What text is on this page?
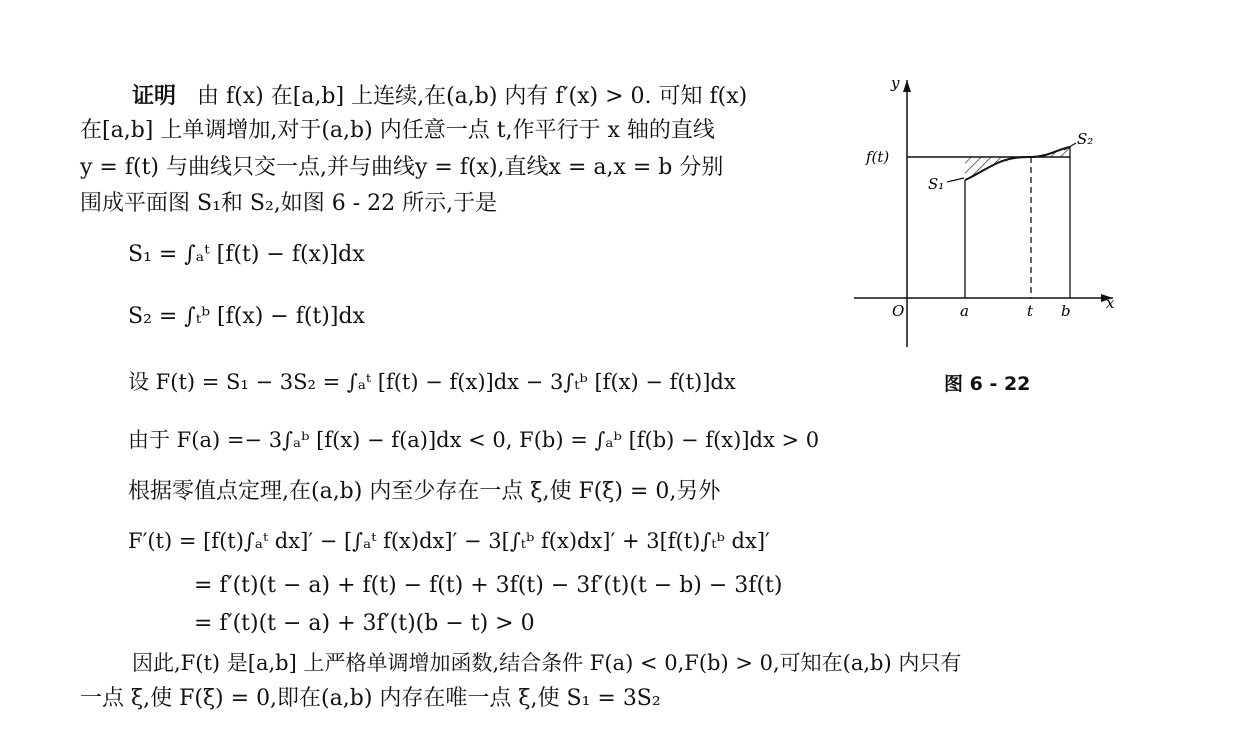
证明 由 f(x) 在[a,b] 上连续,在(a,b) 内有 f′(x) > 0. 可知 f(x)
在[a,b] 上单调增加,对于(a,b) 内任意一点 t,作平行于 x 轴的直线
y = f(t) 与曲线只交一点,并与曲线y = f(x),直线x = a,x = b 分别
围成平面图 S₁和 S₂,如图 6 - 22 所示,于是
S₁ = ∫ₐᵗ [f(t) − f(x)]dx
S₂ = ∫ₜᵇ [f(x) − f(t)]dx
设 F(t) = S₁ − 3S₂ = ∫ₐᵗ [f(t) − f(x)]dx − 3∫ₜᵇ [f(x) − f(t)]dx
由于 F(a) =− 3∫ₐᵇ [f(x) − f(a)]dx < 0, F(b) = ∫ₐᵇ [f(b) − f(x)]dx > 0
根据零值点定理,在(a,b) 内至少存在一点 ξ,使 F(ξ) = 0,另外
F′(t) = [f(t)∫ₐᵗ dx]′ − [∫ₐᵗ f(x)dx]′ − 3[∫ₜᵇ f(x)dx]′ + 3[f(t)∫ₜᵇ dx]′
= f′(t)(t − a) + f(t) − f(t) + 3f(t) − 3f′(t)(t − b) − 3f(t)
= f′(t)(t − a) + 3f′(t)(b − t) > 0
因此,F(t) 是[a,b] 上严格单调增加函数,结合条件 F(a) < 0,F(b) > 0,可知在(a,b) 内只有
一点 ξ,使 F(ξ) = 0,即在(a,b) 内存在唯一点 ξ,使 S₁ = 3S₂
y
x
O	a	t b
f(t)
S₁
S₂
图 6 - 22
